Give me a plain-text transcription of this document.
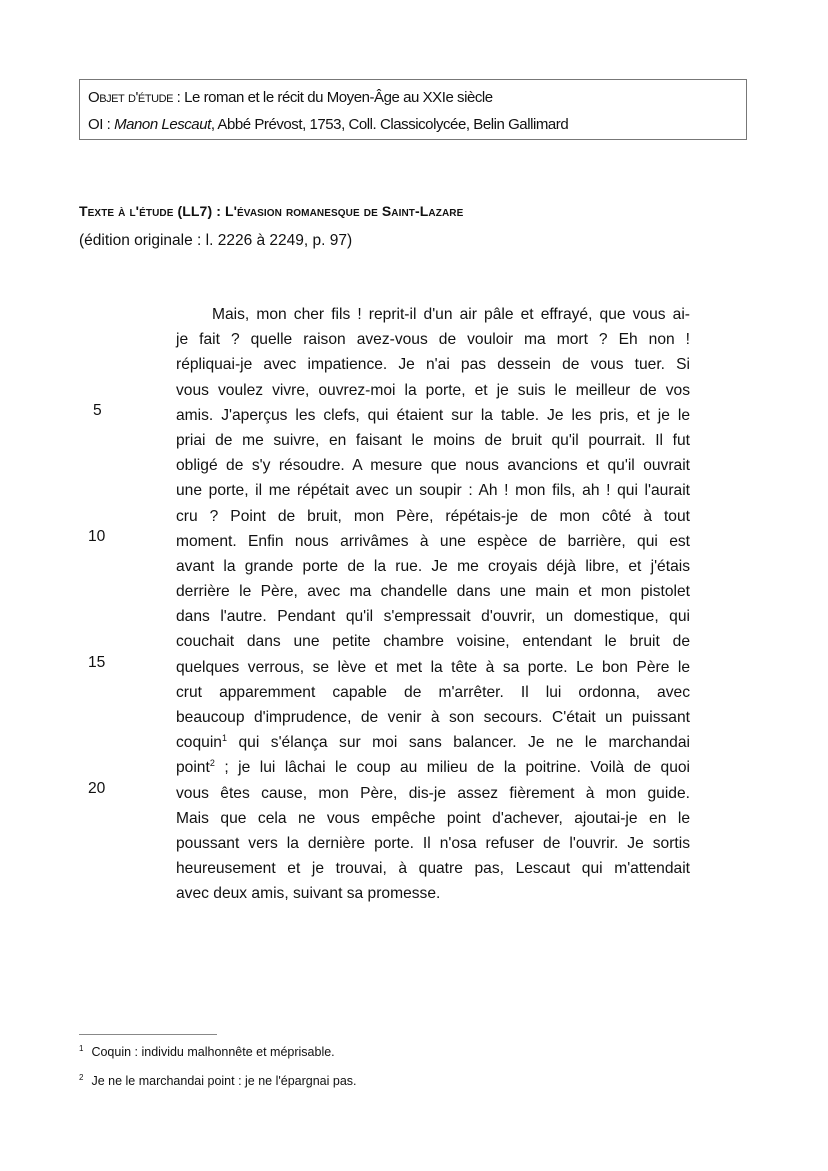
Objet d'étude : Le roman et le récit du Moyen-Âge au XXIe siècle
OI : Manon Lescaut, Abbé Prévost, 1753, Coll. Classicolycée, Belin Gallimard
Texte à l'étude (LL7) : L'évasion romanesque de Saint-Lazare
(édition originale : l. 2226 à 2249, p. 97)
5
10
15
20
Mais, mon cher fils ! reprit-il d'un air pâle et effrayé, que vous ai-
je fait ? quelle raison avez-vous de vouloir ma mort ? Eh non !
répliquai-je avec impatience. Je n'ai pas dessein de vous tuer. Si
vous voulez vivre, ouvrez-moi la porte, et je suis le meilleur de vos
amis. J'aperçus les clefs, qui étaient sur la table. Je les pris, et je le
priai de me suivre, en faisant le moins de bruit qu'il pourrait. Il fut
obligé de s'y résoudre. A mesure que nous avancions et qu'il ouvrait
une porte, il me répétait avec un soupir : Ah ! mon fils, ah ! qui l'aurait
cru ? Point de bruit, mon Père, répétais-je de mon côté à tout
moment. Enfin nous arrivâmes à une espèce de barrière, qui est
avant la grande porte de la rue. Je me croyais déjà libre, et j'étais
derrière le Père, avec ma chandelle dans une main et mon pistolet
dans l'autre. Pendant qu'il s'empressait d'ouvrir, un domestique, qui
couchait dans une petite chambre voisine, entendant le bruit de
quelques verrous, se lève et met la tête à sa porte. Le bon Père le
crut apparemment capable de m'arrêter. Il lui ordonna, avec
beaucoup d'imprudence, de venir à son secours. C'était un puissant
coquin$^1$ qui s'élança sur moi sans balancer. Je ne le marchandai
point$^2$ ; je lui lâchai le coup au milieu de la poitrine. Voilà de quoi
vous êtes cause, mon Père, dis-je assez fièrement à mon guide.
Mais que cela ne vous empêche point d'achever, ajoutai-je en le
poussant vers la dernière porte. Il n'osa refuser de l'ouvrir. Je sortis
heureusement et je trouvai, à quatre pas, Lescaut qui m'attendait
avec deux amis, suivant sa promesse.
$^1$ Coquin : individu malhonnête et méprisable.
$^2$ Je ne le marchandai point : je ne l'épargnai pas.
